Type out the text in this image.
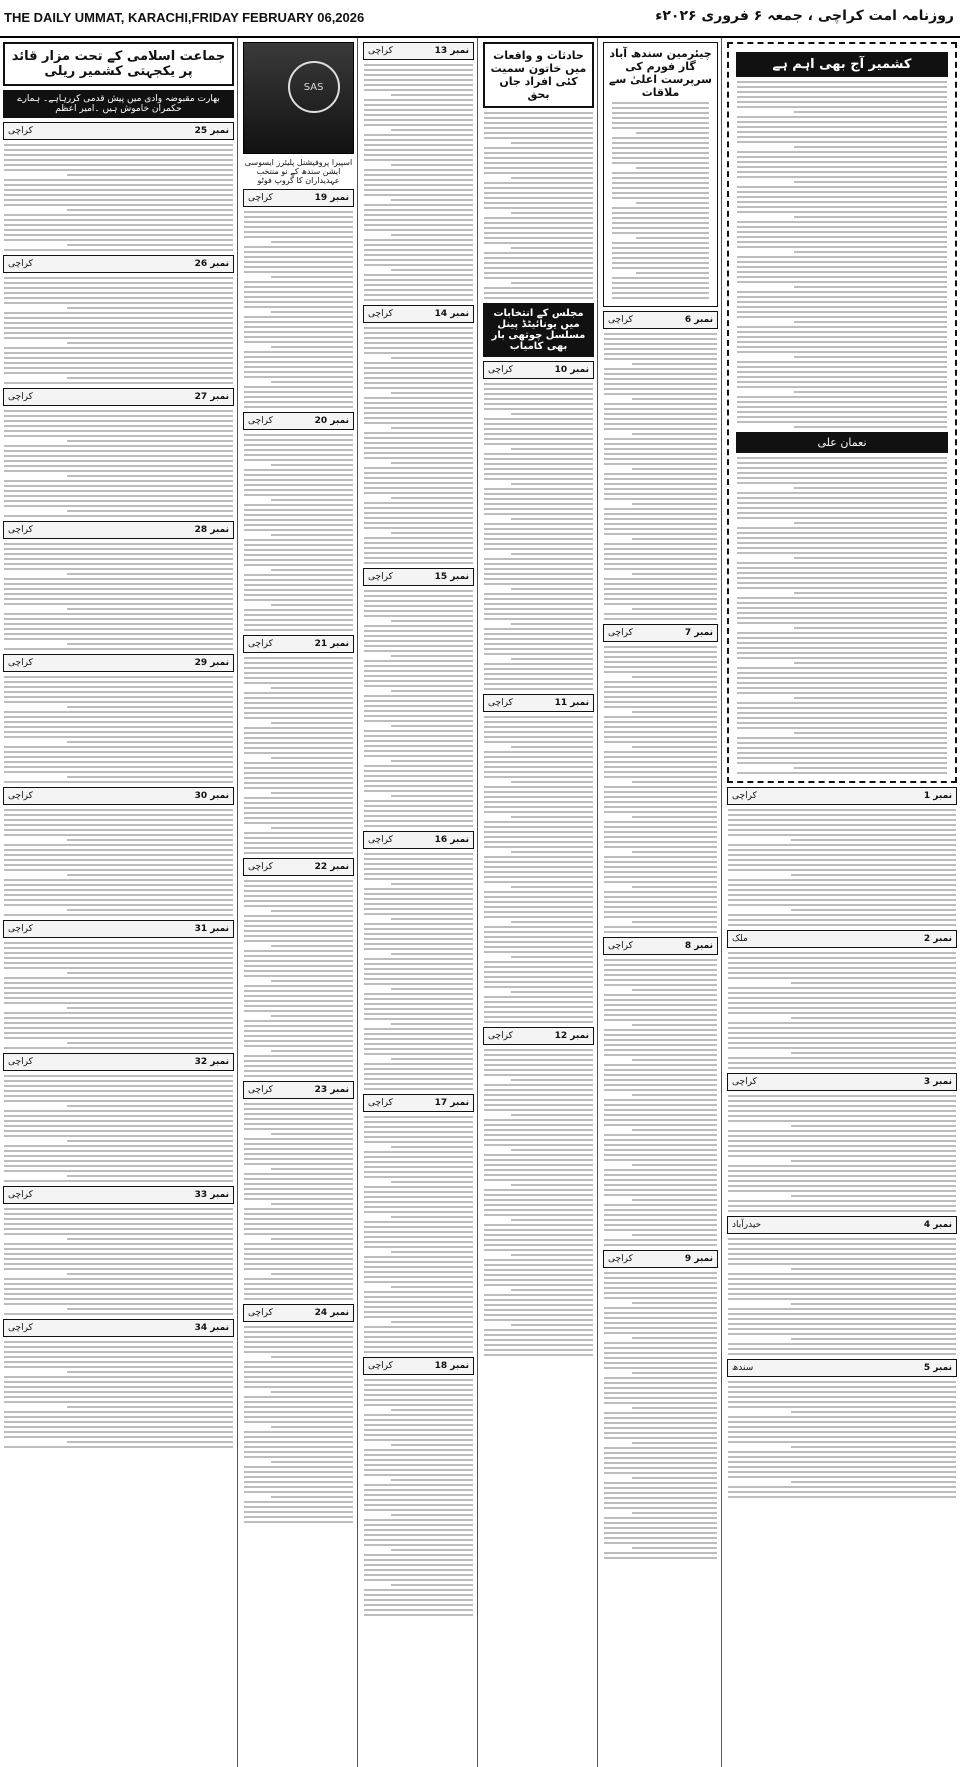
THE DAILY UMMAT, KARACHI,FRIDAY FEBRUARY 06,2026	روزنامہ امت کراچی ، جمعہ ۶ فروری ۲۰۲۶ء
کشمیر آج بھی اہم ہے
نعمان علی
نمبر 1
کراچی
نمبر 2
ملک
نمبر 3
کراچی
نمبر 4
حیدرآباد
نمبر 5
سندھ
چیئرمین سندھ آباد گار فورم کی سرپرست اعلیٰ سے ملاقات
نمبر 6
کراچی
نمبر 7
کراچی
نمبر 8
کراچی
نمبر 9
کراچی
حادثات و واقعات میں خاتون سمیت کئی افراد جاں بحق
مجلس کے انتخابات میں یونائیٹڈ پینل مسلسل چوتھی بار بھی کامیاب
نمبر 10
کراچی
نمبر 11
کراچی
نمبر 12
کراچی
نمبر 13
کراچی
نمبر 14
کراچی
نمبر 15
کراچی
نمبر 16
کراچی
نمبر 17
کراچی
نمبر 18
کراچی
SAS
اسپیرا پروفیشنل پلیئرز ایسوسی ایشن سندھ کے نو منتخب عہدیداران کا گروپ فوٹو
نمبر 19
کراچی
نمبر 20
کراچی
نمبر 21
کراچی
نمبر 22
کراچی
نمبر 23
کراچی
نمبر 24
کراچی
جماعت اسلامی کے تحت مزار قائد پر یکجہتی کشمیر ریلی
بھارت مقبوضہ وادی میں پیش قدمی کررہاہے۔ ہمارے حکمران خاموش ہیں ۔امیر اعظم
نمبر 25
کراچی
نمبر 26
کراچی
نمبر 27
کراچی
نمبر 28
کراچی
نمبر 29
کراچی
نمبر 30
کراچی
نمبر 31
کراچی
نمبر 32
کراچی
نمبر 33
کراچی
نمبر 34
کراچی
